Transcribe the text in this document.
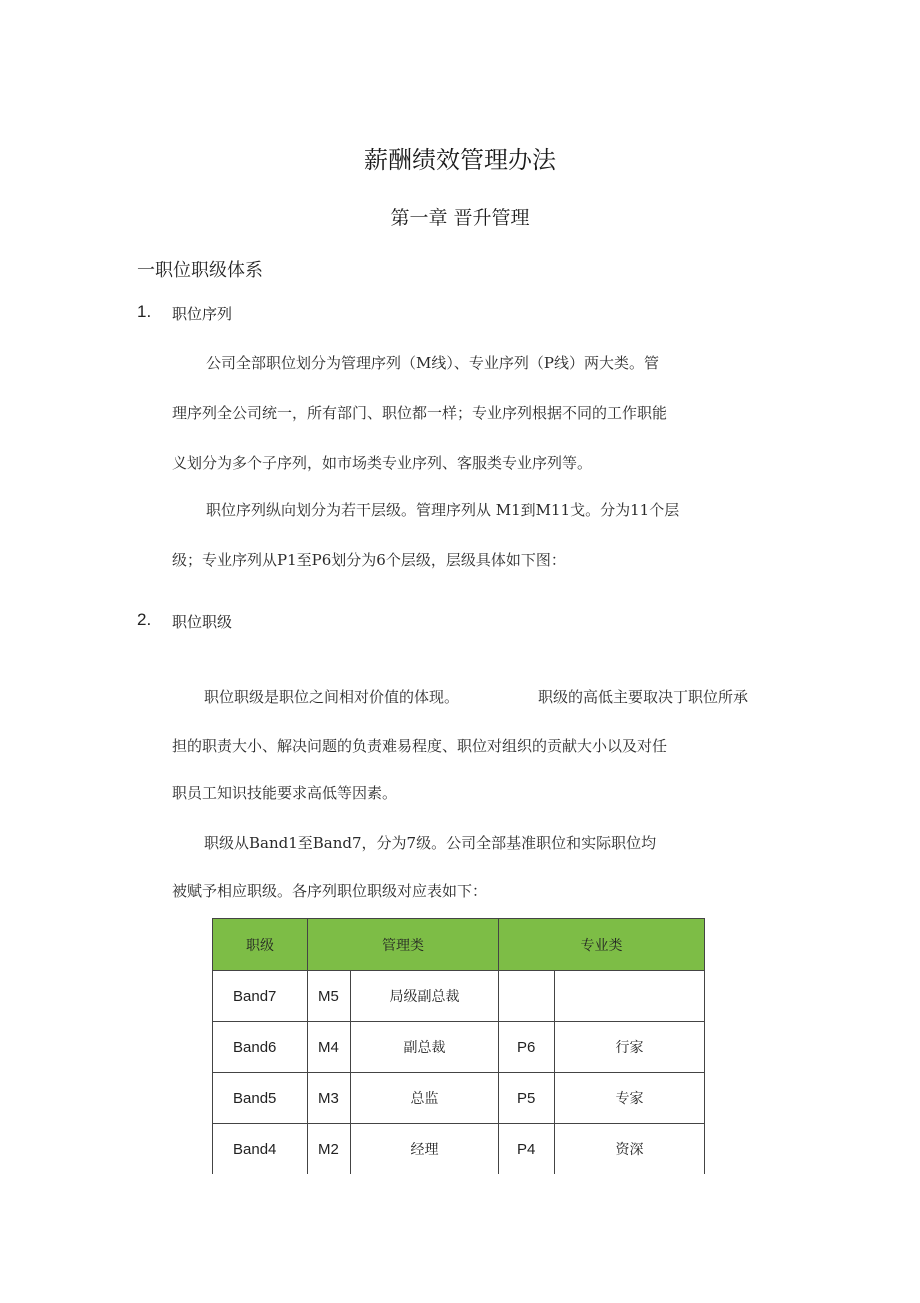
薪酬绩效管理办法
第一章 晋升管理
一职位职级体系
1. 职位序列
公司全部职位划分为管理序列（M线）、专业序列（P线）两大类。管
理序列全公司统一，所有部门、职位都一样；专业序列根据不同的工作职能
义划分为多个子序列，如市场类专业序列、客服类专业序列等。
职位序列纵向划分为若干层级。管理序列从 M1到M11戈。分为11个层
级；专业序列从P1至P6划分为6个层级，层级具体如下图：
2. 职位职级
职位职级是职位之间相对价值的体现。	职级的高低主要取决丁职位所承
担的职责大小、解决问题的负责难易程度、职位对组织的贡献大小以及对任
职员工知识技能要求高低等因素。
职级从Band1至Band7，分为7级。公司全部基准职位和实际职位均
被赋予相应职级。各序列职位职级对应表如下：
职级	管理类		专业类	
Band7	M5	局级副总裁		
Band6	M4	副总裁	P6	行家
Band5	M3	总监	P5	专家
Band4	M2	经理	P4	资深
